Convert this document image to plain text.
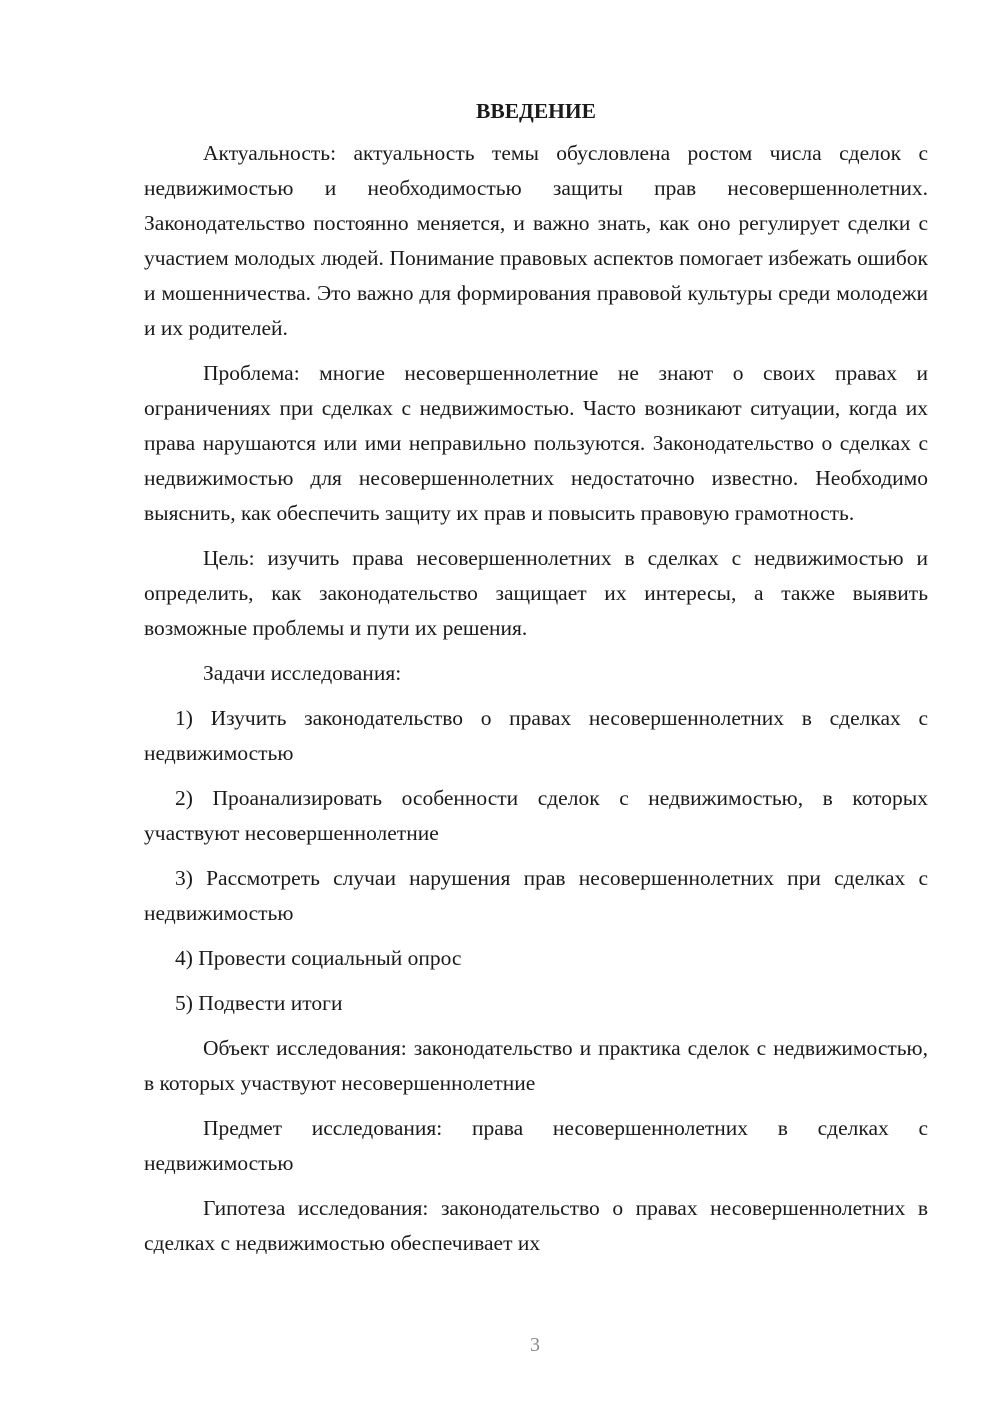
ВВЕДЕНИЕ

Актуальность: актуальность темы обусловлена ростом числа сделок с недвижимостью и необходимостью защиты прав несовершеннолетних. Законодательство постоянно меняется, и важно знать, как оно регулирует сделки с участием молодых людей. Понимание правовых аспектов помогает избежать ошибок и мошенничества. Это важно для формирования правовой культуры среди молодежи и их родителей.

Проблема: многие несовершеннолетние не знают о своих правах и ограничениях при сделках с недвижимостью. Часто возникают ситуации, когда их права нарушаются или ими неправильно пользуются. Законодательство о сделках с недвижимостью для несовершеннолетних недостаточно известно. Необходимо выяснить, как обеспечить защиту их прав и повысить правовую грамотность.

Цель: изучить права несовершеннолетних в сделках с недвижимостью и определить, как законодательство защищает их интересы, а также выявить возможные проблемы и пути их решения.

Задачи исследования:

1) Изучить законодательство о правах несовершеннолетних в сделках с недвижимостью

2) Проанализировать особенности сделок с недвижимостью, в которых участвуют несовершеннолетние

3) Рассмотреть случаи нарушения прав несовершеннолетних при сделках с недвижимостью

4) Провести социальный опрос

5) Подвести итоги

Объект исследования: законодательство и практика сделок с недвижимостью, в которых участвуют несовершеннолетние

Предмет исследования: права несовершеннолетних в сделках с недвижимостью

Гипотеза исследования: законодательство о правах несовершеннолетних в сделках с недвижимостью обеспечивает их

3
